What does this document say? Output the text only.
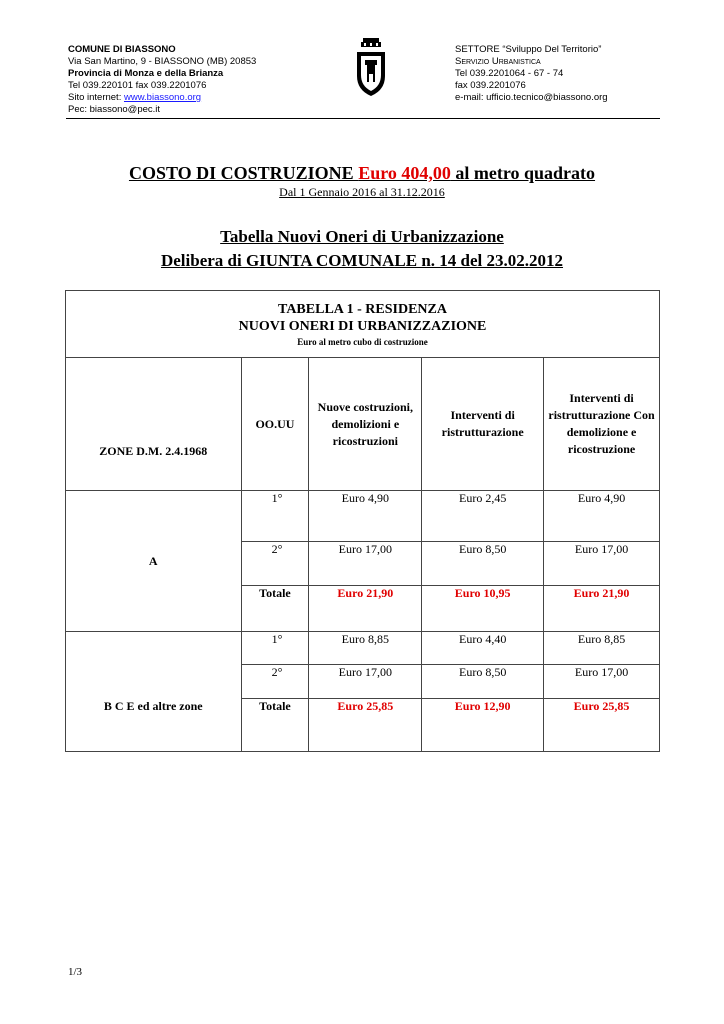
COMUNE DI BIASSONO
Via San Martino, 9 - BIASSONO (MB) 20853
Provincia di Monza e della Brianza
Tel 039.220101 fax 039.2201076
Sito internet: www.biassono.org
Pec: biassono@pec.it
SETTORE “Sviluppo Del Territorio”
Servizio Urbanistica
Tel 039.2201064 - 67 - 74
fax 039.2201076
e-mail: ufficio.tecnico@biassono.org
COSTO DI COSTRUZIONE Euro 404,00 al metro quadrato
Dal 1 Gennaio 2016 al 31.12.2016
Tabella Nuovi Oneri di Urbanizzazione
Delibera di GIUNTA COMUNALE n. 14 del 23.02.2012
TABELLA 1 - RESIDENZA
NUOVI ONERI DI URBANIZZAZIONE
Euro al metro cubo di costruzione				

ZONE D.M. 2.4.1968	OO.UU	Nuove costruzioni, demolizioni e ricostruzioni	Interventi di ristrutturazione	Interventi di ristrutturazione Con demolizione e ricostruzione
A	1°	Euro 4,90	Euro 2,45	Euro 4,90
	2°	Euro 17,00	Euro 8,50	Euro 17,00
	Totale	Euro 21,90	Euro 10,95	Euro 21,90
B C E ed altre zone	1°	Euro 8,85	Euro 4,40	Euro 8,85
	2°	Euro 17,00	Euro 8,50	Euro 17,00
	Totale	Euro 25,85	Euro 12,90	Euro 25,85
1/3
